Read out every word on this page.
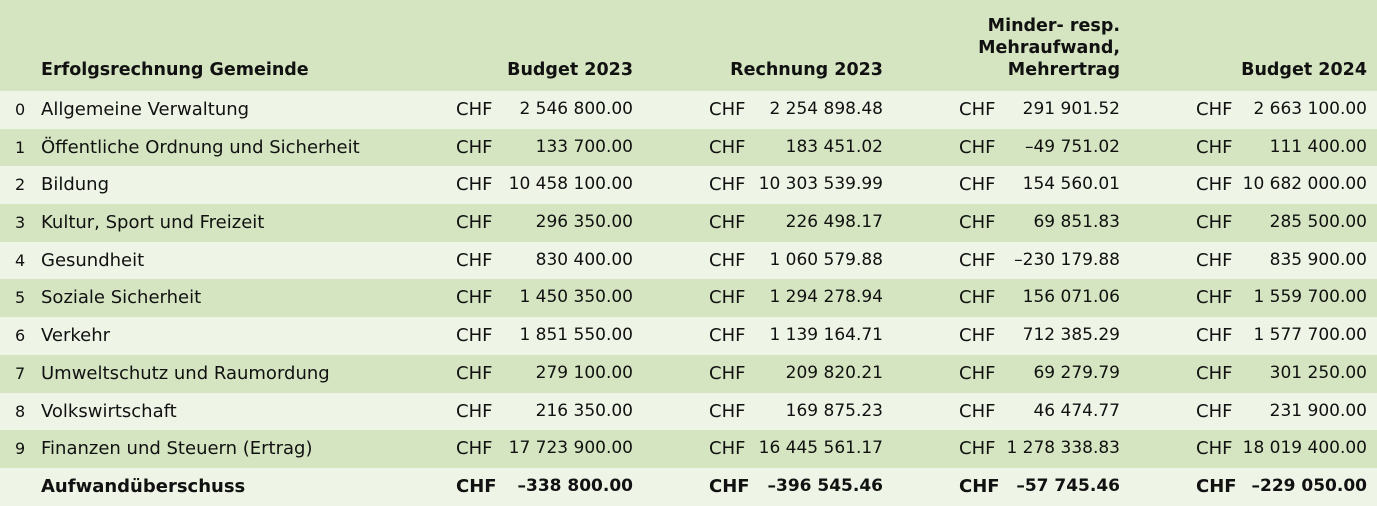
Erfolgsrechnung Gemeinde	Budget 2023	Rechnung 2023
Minder- resp.
Mehraufwand,
Mehrertrag	Budget 2024
0 Allgemeine Verwaltung	CHF 2 546 800.00	CHF 2 254 898.48	CHF 291 901.52	CHF 2 663 100.00
1 Öffentliche Ordnung und Sicherheit	CHF	133 700.00	CHF 183 451.02	CHF –49 751.02	CHF 111 400.00
2 Bildung	CHF 10 458 100.00	CHF 10 303 539.99	CHF 154 560.01	CHF 10 682 000.00
3 Kultur, Sport und Freizeit	CHF	296 350.00	CHF 226 498.17	CHF 69 851.83	CHF 285 500.00
4 Gesundheit	CHF	830 400.00	CHF 1 060 579.88	CHF –230 179.88	CHF 835 900.00
5 Soziale Sicherheit	CHF 1 450 350.00	CHF 1 294 278.94	CHF 156 071.06	CHF 1 559 700.00
6 Verkehr	CHF 1 851 550.00	CHF 1 139 164.71	CHF 712 385.29	CHF 1 577 700.00
7 Umweltschutz und Raumordung	CHF	279 100.00	CHF 209 820.21	CHF 69 279.79	CHF 301 250.00
8 Volkswirtschaft	CHF	216 350.00	CHF 169 875.23	CHF 46 474.77	CHF 231 900.00
9 Finanzen und Steuern (Ertrag)	CHF 17 723 900.00	CHF 16 445 561.17	CHF 1 278 338.83	CHF 18 019 400.00
Aufwandüberschuss	CHF –338 800.00	CHF –396 545.46	CHF –57 745.46	CHF –229 050.00
